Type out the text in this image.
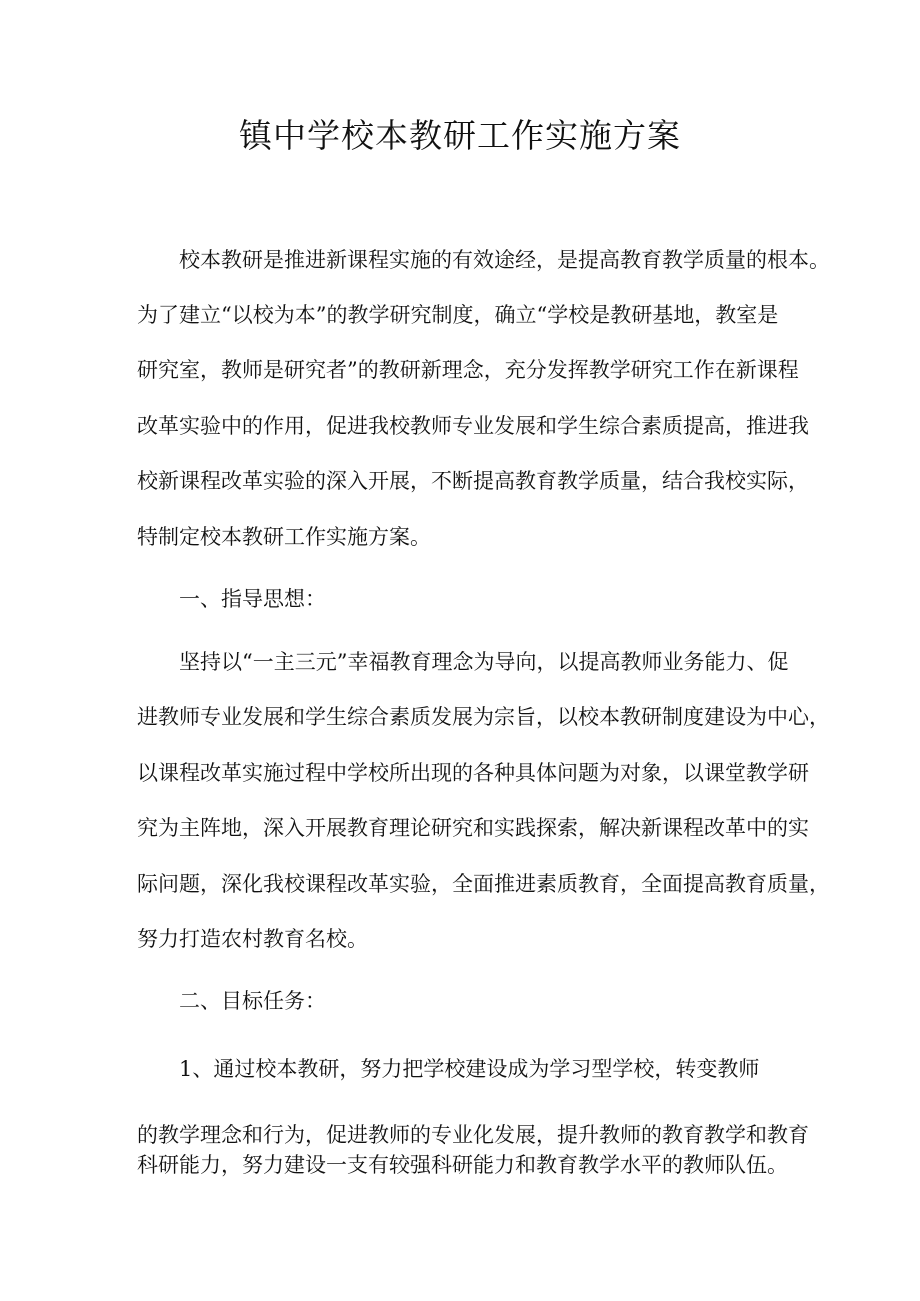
镇中学校本教研工作实施方案
校本教研是推进新课程实施的有效途经，是提高教育教学质量的根本。
为了建立“以校为本”的教学研究制度，确立“学校是教研基地，教室是
研究室，教师是研究者”的教研新理念，充分发挥教学研究工作在新课程
改革实验中的作用，促进我校教师专业发展和学生综合素质提高，推进我
校新课程改革实验的深入开展，不断提高教育教学质量，结合我校实际，
特制定校本教研工作实施方案。
一、指导思想：
坚持以“一主三元”幸福教育理念为导向，以提高教师业务能力、促
进教师专业发展和学生综合素质发展为宗旨，以校本教研制度建设为中心，
以课程改革实施过程中学校所出现的各种具体问题为对象，以课堂教学研
究为主阵地，深入开展教育理论研究和实践探索，解决新课程改革中的实
际问题，深化我校课程改革实验，全面推进素质教育，全面提高教育质量，
努力打造农村教育名校。
二、目标任务：
1、通过校本教研，努力把学校建设成为学习型学校，转变教师
的教学理念和行为，促进教师的专业化发展，提升教师的教育教学和教育
科研能力，努力建设一支有较强科研能力和教育教学水平的教师队伍。
